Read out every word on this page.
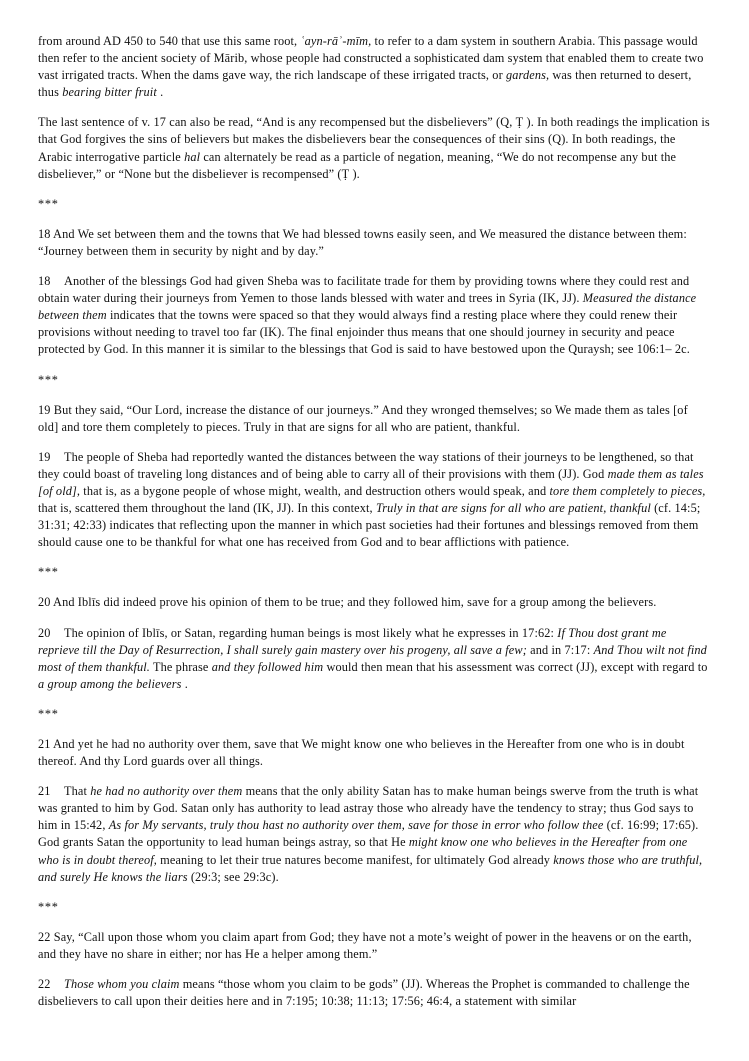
from around AD 450 to 540 that use this same root, ʿayn-rāʾ-mīm, to refer to a dam system in southern Arabia. This passage would then refer to the ancient society of Mārib, whose people had constructed a sophisticated dam system that enabled them to create two vast irrigated tracts. When the dams gave way, the rich landscape of these irrigated tracts, or gardens, was then returned to desert, thus bearing bitter fruit .

The last sentence of v. 17 can also be read, “And is any recompensed but the disbelievers” (Q, Ṭ ). In both readings the implication is that God forgives the sins of believers but makes the disbelievers bear the consequences of their sins (Q). In both readings, the Arabic interrogative particle hal can alternately be read as a particle of negation, meaning, “We do not recompense any but the disbeliever,” or “None but the disbeliever is recompensed” (Ṭ ).

***

18 And We set between them and the towns that We had blessed towns easily seen, and We measured the distance between them: “Journey between them in security by night and by day.”

18 Another of the blessings God had given Sheba was to facilitate trade for them by providing towns where they could rest and obtain water during their journeys from Yemen to those lands blessed with water and trees in Syria (IK, JJ). Measured the distance between them indicates that the towns were spaced so that they would always find a resting place where they could renew their provisions without needing to travel too far (IK). The final enjoinder thus means that one should journey in security and peace protected by God. In this manner it is similar to the blessings that God is said to have bestowed upon the Quraysh; see 106:1– 2c.

***

19 But they said, “Our Lord, increase the distance of our journeys.” And they wronged themselves; so We made them as tales [of old] and tore them completely to pieces. Truly in that are signs for all who are patient, thankful.

19 The people of Sheba had reportedly wanted the distances between the way stations of their journeys to be lengthened, so that they could boast of traveling long distances and of being able to carry all of their provisions with them (JJ). God made them as tales [of old], that is, as a bygone people of whose might, wealth, and destruction others would speak, and tore them completely to pieces, that is, scattered them throughout the land (IK, JJ). In this context, Truly in that are signs for all who are patient, thankful (cf. 14:5; 31:31; 42:33) indicates that reflecting upon the manner in which past societies had their fortunes and blessings removed from them should cause one to be thankful for what one has received from God and to bear afflictions with patience.

***

20 And Iblīs did indeed prove his opinion of them to be true; and they followed him, save for a group among the believers.

20 The opinion of Iblīs, or Satan, regarding human beings is most likely what he expresses in 17:62: If Thou dost grant me reprieve till the Day of Resurrection, I shall surely gain mastery over his progeny, all save a few; and in 7:17: And Thou wilt not find most of them thankful. The phrase and they followed him would then mean that his assessment was correct (JJ), except with regard to a group among the believers .

***

21 And yet he had no authority over them, save that We might know one who believes in the Hereafter from one who is in doubt thereof. And thy Lord guards over all things.

21 That he had no authority over them means that the only ability Satan has to make human beings swerve from the truth is what was granted to him by God. Satan only has authority to lead astray those who already have the tendency to stray; thus God says to him in 15:42, As for My servants, truly thou hast no authority over them, save for those in error who follow thee (cf. 16:99; 17:65). God grants Satan the opportunity to lead human beings astray, so that He might know one who believes in the Hereafter from one who is in doubt thereof, meaning to let their true natures become manifest, for ultimately God already knows those who are truthful, and surely He knows the liars (29:3; see 29:3c).

***

22 Say, “Call upon those whom you claim apart from God; they have not a mote’s weight of power in the heavens or on the earth, and they have no share in either; nor has He a helper among them.”

22 Those whom you claim means “those whom you claim to be gods” (JJ). Whereas the Prophet is commanded to challenge the disbelievers to call upon their deities here and in 7:195; 10:38; 11:13; 17:56; 46:4, a statement with similar
